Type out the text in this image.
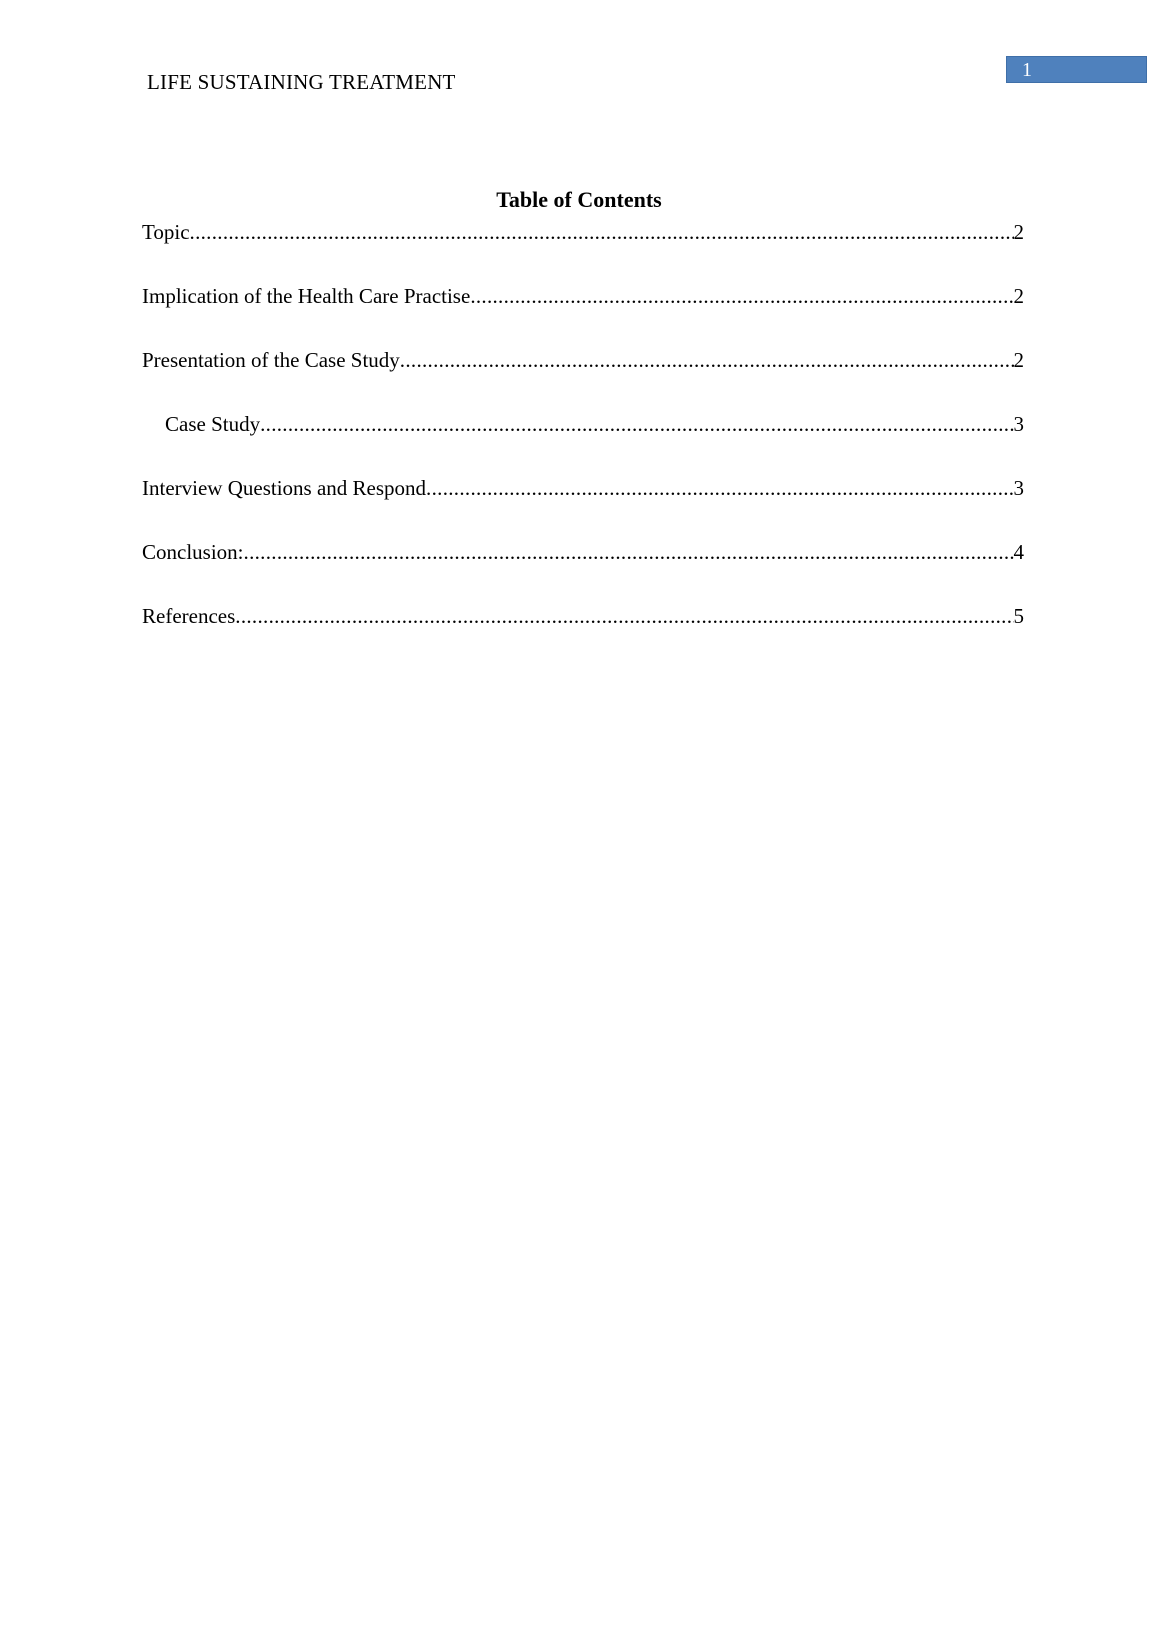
LIFE SUSTAINING TREATMENT	1
Table of Contents
Topic .....	2
Implication of the Health Care Practise .....	2
Presentation of the Case Study .....	2
Case Study .....	3
Interview Questions and Respond .....	3
Conclusion: .....	4
References .....	5
